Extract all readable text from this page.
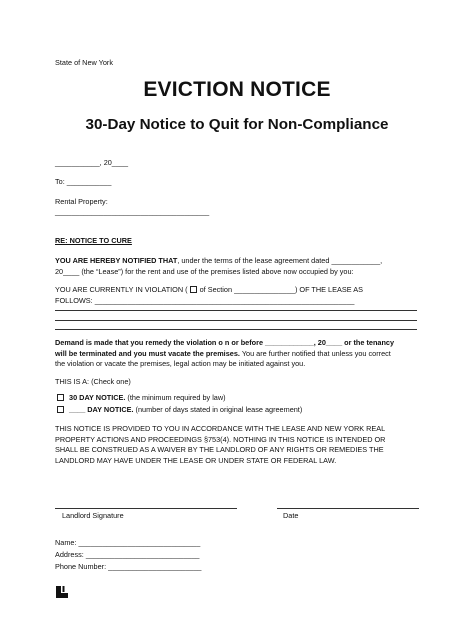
State of New York
EVICTION NOTICE
30-Day Notice to Quit for Non-Compliance
___________, 20____
To: ___________
Rental Property:
______________________________________
RE: NOTICE TO CURE
YOU ARE HEREBY NOTIFIED THAT, under the terms of the lease agreement dated ____________,
20____ (the “Lease”) for the rent and use of the premises listed above now occupied by you:
YOU ARE CURRENTLY IN VIOLATION ( of Section _______________) OF THE LEASE AS
FOLLOWS: ________________________________________________________________
Demand is made that you remedy the violation o n or before ____________, 20____ or the tenancy
will be terminated and you must vacate the premises. You are further notified that unless you correct
the violation or vacate the premises, legal action may be initiated against you.
THIS IS A: (Check one)
30 DAY NOTICE. (the minimum required by law)
____ DAY NOTICE. (number of days stated in original lease agreement)
THIS NOTICE IS PROVIDED TO YOU IN ACCORDANCE WITH THE LEASE AND NEW YORK REAL
PROPERTY ACTIONS AND PROCEEDINGS §753(4). NOTHING IN THIS NOTICE IS INTENDED OR
SHALL BE CONSTRUED AS A WAIVER BY THE LANDLORD OF ANY RIGHTS OR REMEDIES THE
LANDLORD MAY HAVE UNDER THE LEASE OR UNDER STATE OR FEDERAL LAW.
Landlord Signature	Date
Name: ______________________________
Address: ____________________________
Phone Number: _______________________
